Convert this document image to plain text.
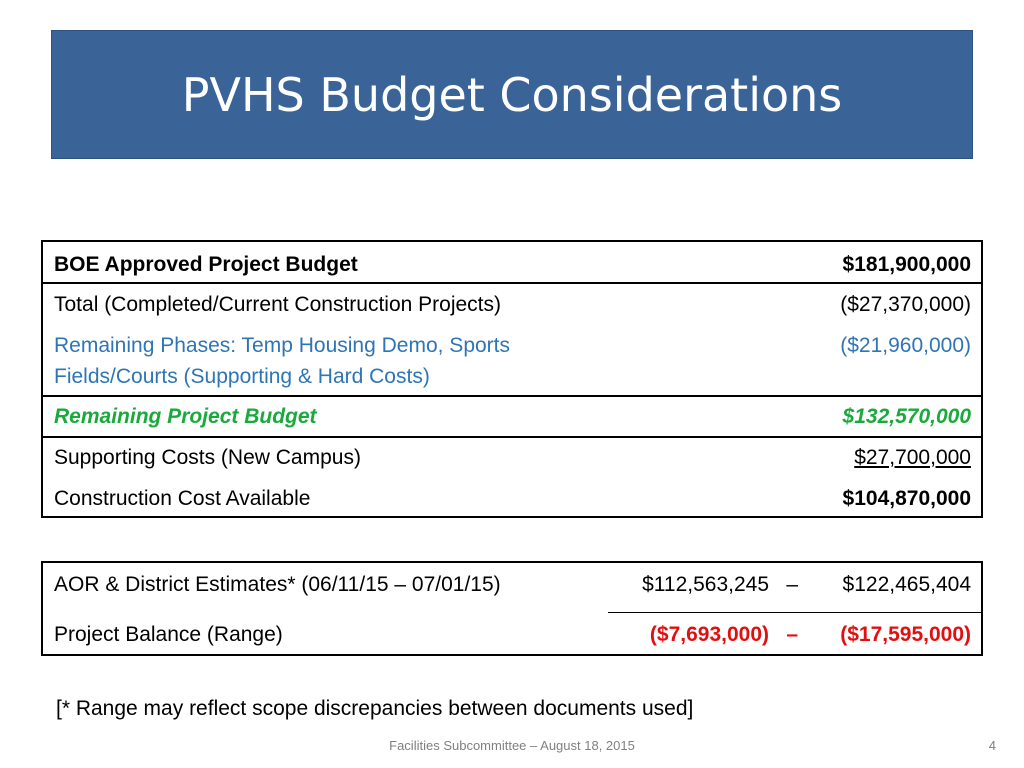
PVHS Budget Considerations
BOE Approved Project Budget	$181,900,000
Total (Completed/Current Construction Projects)	($27,370,000)
Remaining Phases: Temp Housing Demo, Sports	($21,960,000)
Fields/Courts (Supporting & Hard Costs)
Remaining Project Budget	$132,570,000
Supporting Costs (New Campus)	$27,700,000
Construction Cost Available	$104,870,000
AOR & District Estimates* (06/11/15 – 07/01/15)	$112,563,245 – $122,465,404
Project Balance (Range)	($7,693,000) – ($17,595,000)
[* Range may reflect scope discrepancies between documents used]
Facilities Subcommittee – August 18, 2015	4
